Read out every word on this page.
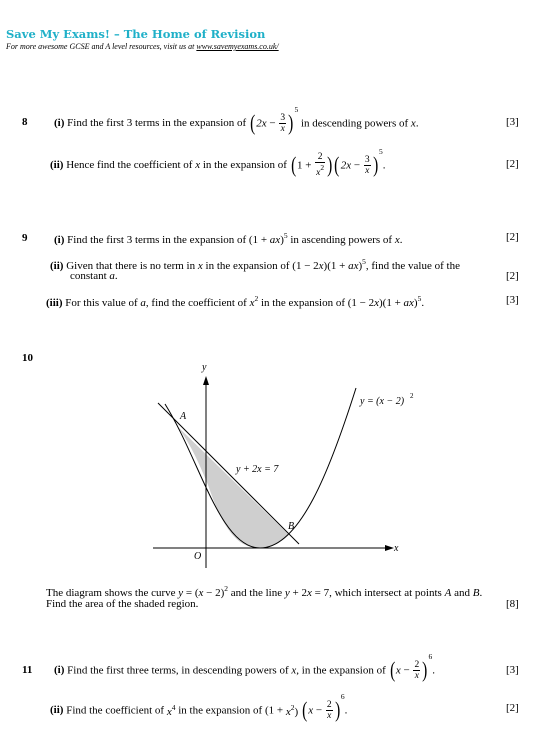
Save My Exams! – The Home of Revision
For more awesome GCSE and A level resources, visit us at www.savemyexams.co.uk/
8 (i) Find the first 3 terms in the expansion of $(2x - \frac{3}{x} )5$ in descending powers of x.	[3]
(ii) Hence find the coefficient of x in the expansion of $(1 + \frac{2}{x^2} )(2x - \frac{3}{x} )5$.	[2]
9 (i) Find the first 3 terms in the expansion of (1 + ax)$^5$ in ascending powers of x.	[2]
(ii) Given that there is no term in x in the expansion of (1 − 2x)(1 + ax)$^5$, find the value of the
constant a.	[2]
(iii) For this value of a, find the coefficient of $x^2$ in the expansion of (1 − 2x)(1 + ax)$^5$.	[3]
10
y
x
O
A
B
y = (x − 2) 2
y + 2x = 7
The diagram shows the curve $y = (x - 2)^2$ and the line y + 2x = 7, which intersect at points A and B.
Find the area of the shaded region.	[8]
11 (i) Find the first three terms, in descending powers of x, in the expansion of $(x - \frac{2}{x} )6$.	[3]
(ii) Find the coefficient of $x^4$ in the expansion of $(1 + x^2)$ $(x - \frac{2}{x} )6$.	[2]
